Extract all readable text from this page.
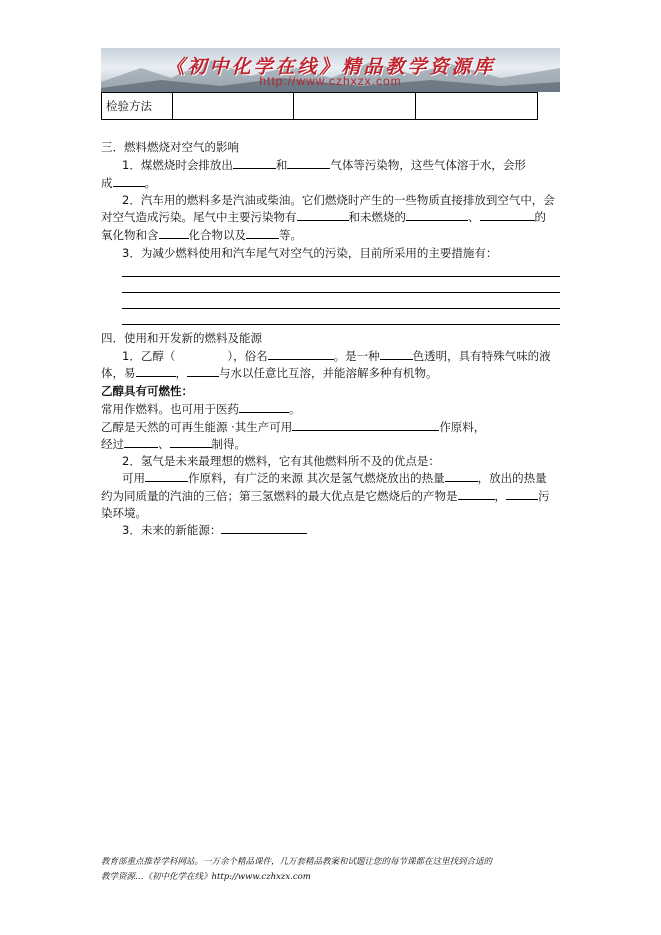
《初中化学在线》精品教学资源库
http://www.czhxzx.com
检验方法			
三．燃料燃烧对空气的影响
1．煤燃烧时会排放出	和	气体等污染物，这些气体溶于水，会形
成	。
2．汽车用的燃料多是汽油或柴油。它们燃烧时产生的一些物质直接排放到空气中，会
对空气造成污染。尾气中主要污染物有	和未燃烧的	、	的
氧化物和含	化合物以及	等。
3．为减少燃料使用和汽车尾气对空气的污染，目前所采用的主要措施有：
四．使用和开发新的燃料及能源
1．乙醇（	），俗名	。是一种	色透明，具有特殊气味的液
体，易	，	与水以任意比互溶，并能溶解多种有机物。
乙醇具有可燃性：
常用作燃料。也可用于医药	。
乙醇是天然的可再生能源 ·其生产可用	作原料，
经过	、	制得。
2．氢气是未来最理想的燃料，它有其他燃料所不及的优点是：
可用	作原料，有广泛的来源 其次是氢气燃烧放出的热量	，放出的热量
约为同质量的汽油的三倍；第三氢燃料的最大优点是它燃烧后的产物是	，	污
染环境。
3．未来的新能源：
教育部重点推荐学科网站。一万余个精品课件，几万套精品教案和试题让您的每节课都在这里找到合适的
教学资源…《初中化学在线》http://www.czhxzx.com
